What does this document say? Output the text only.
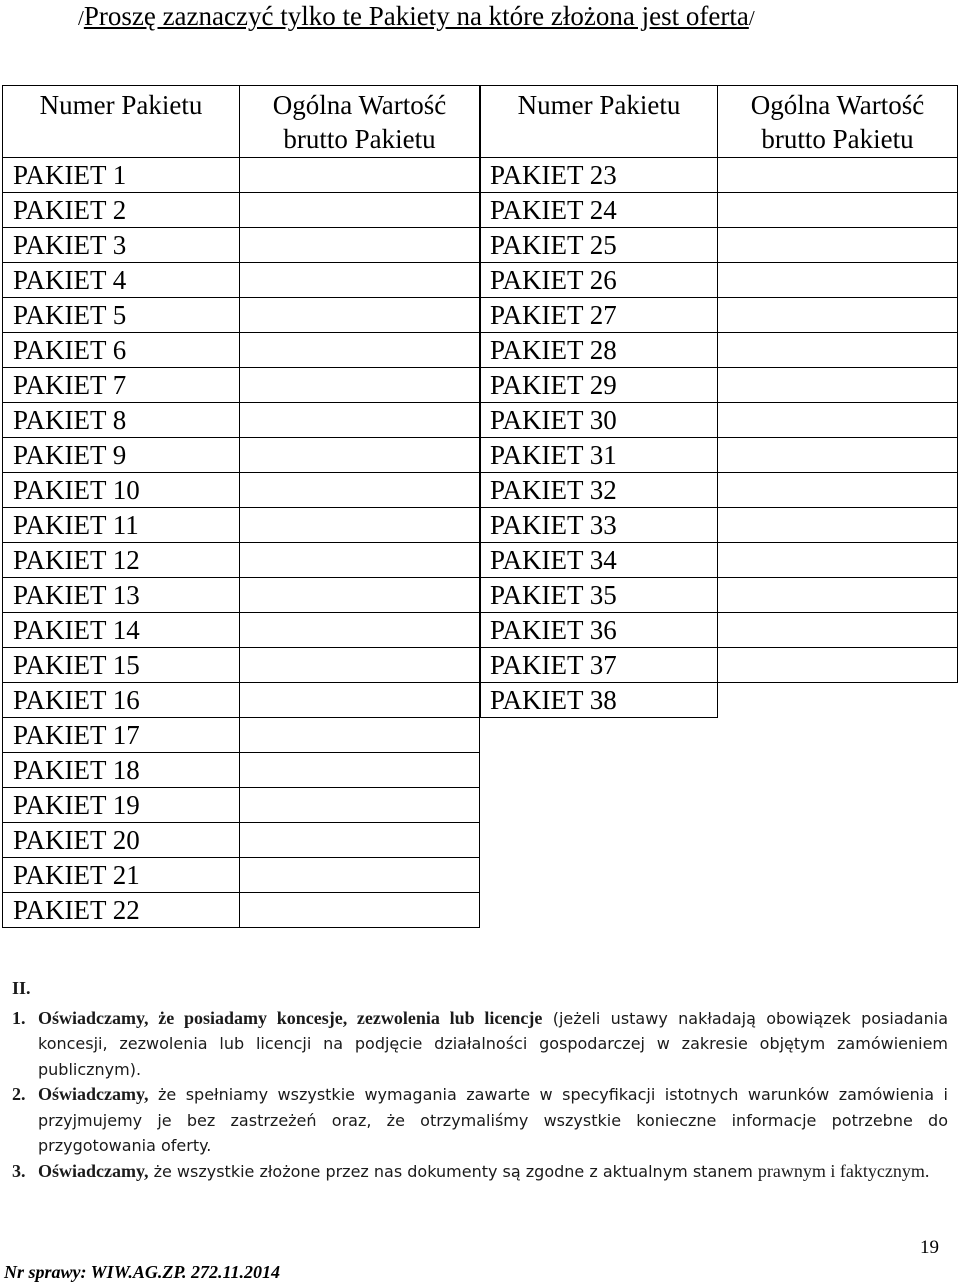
/Proszę zaznaczyć tylko te Pakiety na które złożona jest oferta/
Numer Pakietu	Ogólna Wartość brutto Pakietu
PAKIET 1	
PAKIET 2	
PAKIET 3	
PAKIET 4	
PAKIET 5	
PAKIET 6	
PAKIET 7	
PAKIET 8	
PAKIET 9	
PAKIET 10	
PAKIET 11	
PAKIET 12	
PAKIET 13	
PAKIET 14	
PAKIET 15	
PAKIET 16	
PAKIET 17	
PAKIET 18	
PAKIET 19	
PAKIET 20	
PAKIET 21	
PAKIET 22	
Numer Pakietu	Ogólna Wartość brutto Pakietu
PAKIET 23	
PAKIET 24	
PAKIET 25	
PAKIET 26	
PAKIET 27	
PAKIET 28	
PAKIET 29	
PAKIET 30	
PAKIET 31	
PAKIET 32	
PAKIET 33	
PAKIET 34	
PAKIET 35	
PAKIET 36	
PAKIET 37	
PAKIET 38	
II.
1. Oświadczamy, że posiadamy koncesje, zezwolenia lub licencje (jeżeli ustawy nakładają obowiązek posiadania koncesji, zezwolenia lub licencji na podjęcie działalności gospodarczej w zakresie objętym zamówieniem publicznym).
2. Oświadczamy, że spełniamy wszystkie wymagania zawarte w specyfikacji istotnych warunków zamówienia i przyjmujemy je bez zastrzeżeń oraz, że otrzymaliśmy wszystkie konieczne informacje potrzebne do przygotowania oferty.
3. Oświadczamy, że wszystkie złożone przez nas dokumenty są zgodne z aktualnym stanem prawnym i faktycznym.
19
Nr sprawy: WIW.AG.ZP. 272.11.2014
